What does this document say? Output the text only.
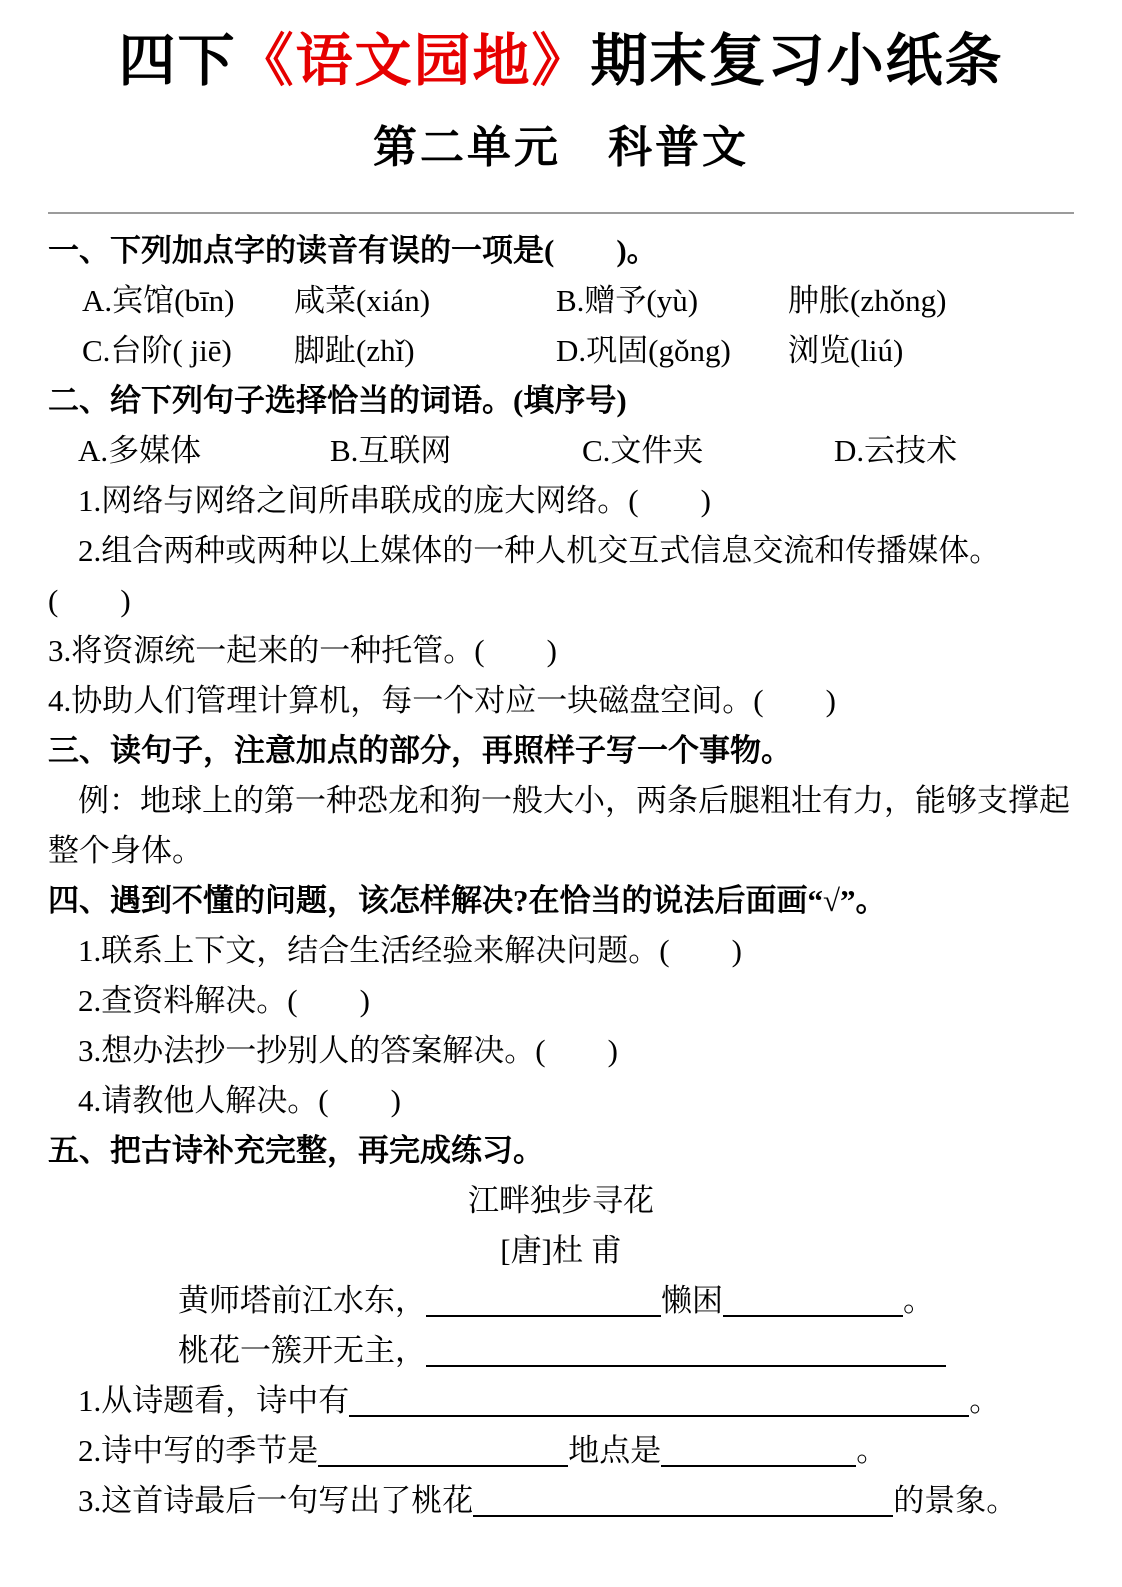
四下《语文园地》期末复习小纸条
第二单元　科普文

一、下列加点字的读音有误的一项是(　　)。

A.宾馆(bīn)	咸菜(xián)	B.赠予(yù)	肿胀(zhǒng)
C.台阶( jiē)	脚趾(zhǐ)	D.巩固(gǒng)	浏览(liú)

二、给下列句子选择恰当的词语。(填序号)

A.多媒体	B.互联网	C.文件夹	D.云技术

1.网络与网络之间所串联成的庞大网络。(　　)

2.组合两种或两种以上媒体的一种人机交互式信息交流和传播媒体。(　　)

3.将资源统一起来的一种托管。(　　)

4.协助人们管理计算机，每一个对应一块磁盘空间。(　　)

三、读句子，注意加点的部分，再照样子写一个事物。

例：地球上的第一种恐龙和狗一般大小，两条后腿粗壮有力，能够支撑起整个身体。

四、遇到不懂的问题，该怎样解决?在恰当的说法后面画“√”。

1.联系上下文，结合生活经验来解决问题。(　　)

2.查资料解决。(　　)

3.想办法抄一抄别人的答案解决。(　　)

4.请教他人解决。(　　)

五、把古诗补充完整，再完成练习。

江畔独步寻花

[唐]杜 甫

黄师塔前江水东，	懒困	。

桃花一簇开无主，

1.从诗题看，诗中有	。

2.诗中写的季节是	地点是	。

3.这首诗最后一句写出了桃花	的景象。
